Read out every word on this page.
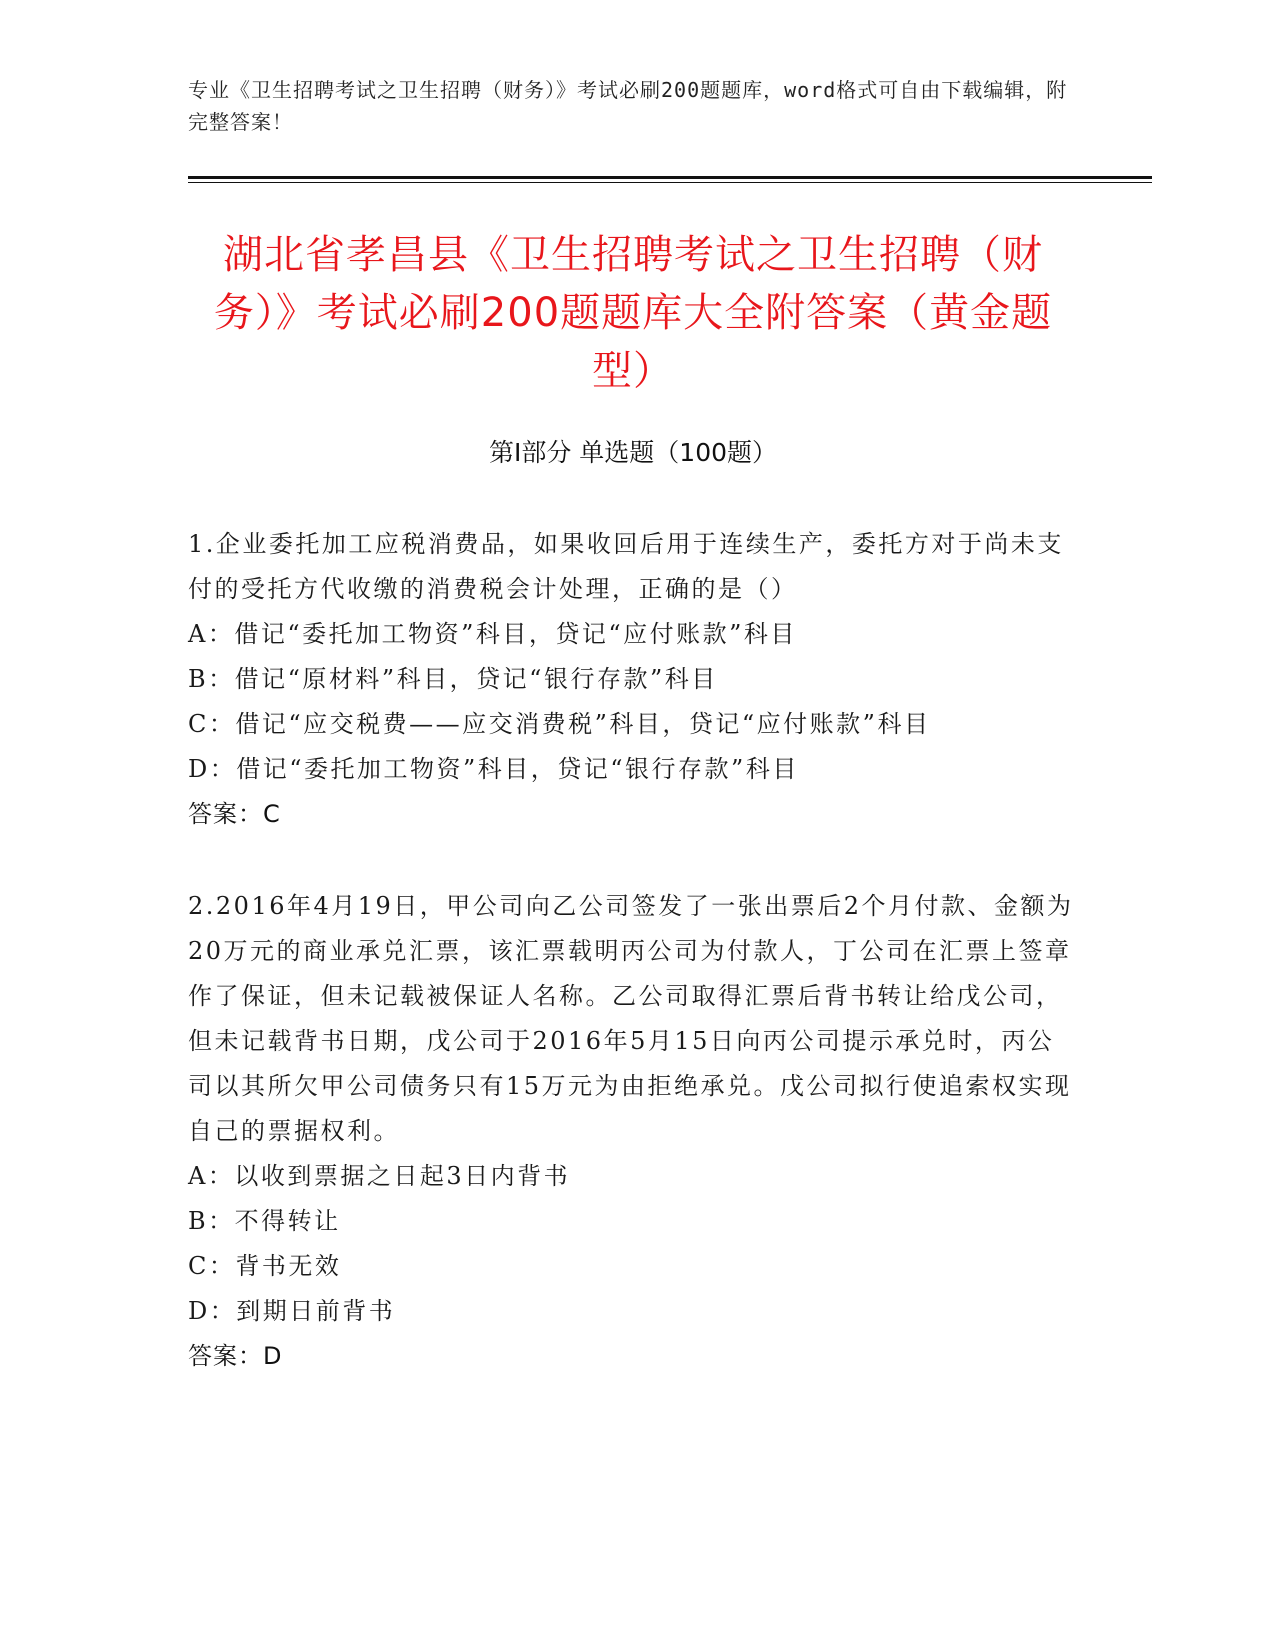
专业《卫生招聘考试之卫生招聘（财务）》考试必刷200题题库，word格式可自由下载编辑，附完整答案！
湖北省孝昌县《卫生招聘考试之卫生招聘（财务）》考试必刷200题题库大全附答案（黄金题型）
第Ⅰ部分 单选题（100题）
1.企业委托加工应税消费品，如果收回后用于连续生产，委托方对于尚未支付的受托方代收缴的消费税会计处理，正确的是（）
A：借记“委托加工物资”科目，贷记“应付账款”科目
B：借记“原材料”科目，贷记“银行存款”科目
C：借记“应交税费——应交消费税”科目，贷记“应付账款”科目
D：借记“委托加工物资”科目，贷记“银行存款”科目
答案：C
2.2016年4月19日，甲公司向乙公司签发了一张出票后2个月付款、金额为20万元的商业承兑汇票，该汇票载明丙公司为付款人，丁公司在汇票上签章作了保证，但未记载被保证人名称。乙公司取得汇票后背书转让给戊公司，但未记载背书日期，戊公司于2016年5月15日向丙公司提示承兑时，丙公司以其所欠甲公司债务只有15万元为由拒绝承兑。戊公司拟行使追索权实现自己的票据权利。
A：以收到票据之日起3日内背书
B：不得转让
C：背书无效
D：到期日前背书
答案：D
